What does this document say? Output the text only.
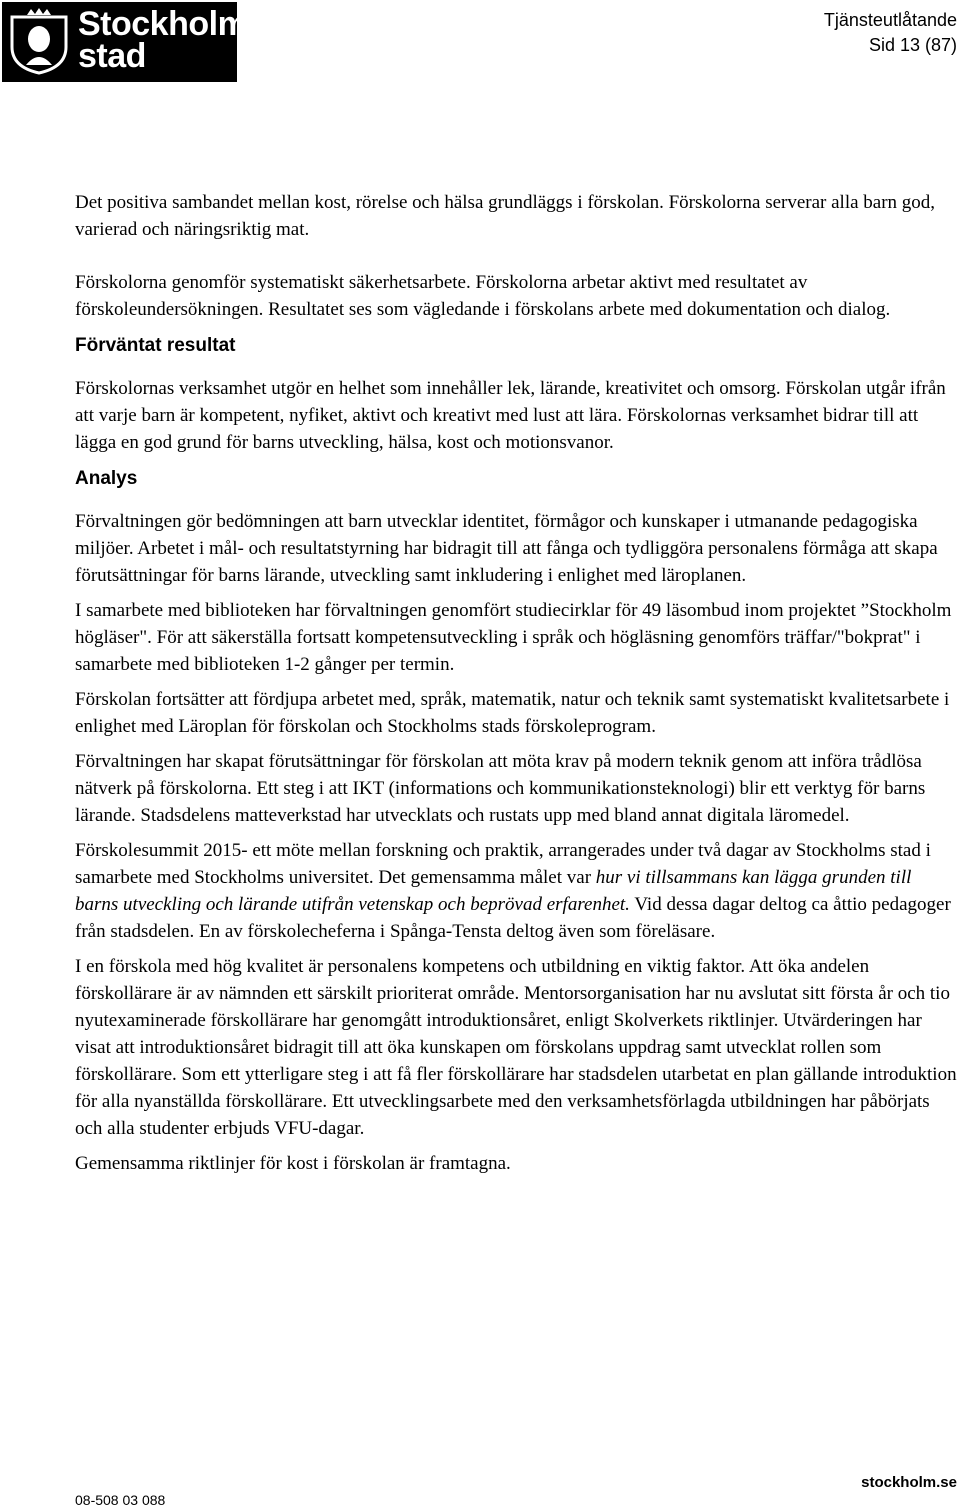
Stockholms
stad
Tjänsteutlåtande
Sid 13 (87)

Det positiva sambandet mellan kost, rörelse och hälsa grundläggs i förskolan. Förskolorna serverar alla barn god, varierad och näringsriktig mat.

Förskolorna genomför systematiskt säkerhetsarbete. Förskolorna arbetar aktivt med resultatet av förskoleundersökningen. Resultatet ses som vägledande i förskolans arbete med dokumentation och dialog.

Förväntat resultat

Förskolornas verksamhet utgör en helhet som innehåller lek, lärande, kreativitet och omsorg. Förskolan utgår ifrån att varje barn är kompetent, nyfiket, aktivt och kreativt med lust att lära. Förskolornas verksamhet bidrar till att lägga en god grund för barns utveckling, hälsa, kost och motionsvanor.

Analys

Förvaltningen gör bedömningen att barn utvecklar identitet, förmågor och kunskaper i utmanande pedagogiska miljöer. Arbetet i mål- och resultatstyrning har bidragit till att fånga och tydliggöra personalens förmåga att skapa förutsättningar för barns lärande, utveckling samt inkludering i enlighet med läroplanen.

I samarbete med biblioteken har förvaltningen genomfört studiecirklar för 49 läsombud inom projektet ”Stockholm högläser". För att säkerställa fortsatt kompetensutveckling i språk och högläsning genomförs träffar/"bokprat" i samarbete med biblioteken 1-2 gånger per termin.

Förskolan fortsätter att fördjupa arbetet med, språk, matematik, natur och teknik samt systematiskt kvalitetsarbete i enlighet med Läroplan för förskolan och Stockholms stads förskoleprogram.

Förvaltningen har skapat förutsättningar för förskolan att möta krav på modern teknik genom att införa trådlösa nätverk på förskolorna. Ett steg i att IKT (informations och kommunikationsteknologi) blir ett verktyg för barns lärande. Stadsdelens matteverkstad har utvecklats och rustats upp med bland annat digitala läromedel.

Förskolesummit 2015- ett möte mellan forskning och praktik, arrangerades under två dagar av Stockholms stad i samarbete med Stockholms universitet. Det gemensamma målet var hur vi tillsammans kan lägga grunden till barns utveckling och lärande utifrån vetenskap och beprövad erfarenhet. Vid dessa dagar deltog ca åttio pedagoger från stadsdelen. En av förskolecheferna i Spånga-Tensta deltog även som föreläsare.

I en förskola med hög kvalitet är personalens kompetens och utbildning en viktig faktor. Att öka andelen förskollärare är av nämnden ett särskilt prioriterat område. Mentorsorganisation har nu avslutat sitt första år och tio nyutexaminerade förskollärare har genomgått introduktionsåret, enligt Skolverkets riktlinjer. Utvärderingen har visat att introduktionsåret bidragit till att öka kunskapen om förskolans uppdrag samt utvecklat rollen som förskollärare. Som ett ytterligare steg i att få fler förskollärare har stadsdelen utarbetat en plan gällande introduktion för alla nyanställda förskollärare. Ett utvecklingsarbete med den verksamhetsförlagda utbildningen har påbörjats och alla studenter erbjuds VFU-dagar.

Gemensamma riktlinjer för kost i förskolan är framtagna.

stockholm.se
08-508 03 088
